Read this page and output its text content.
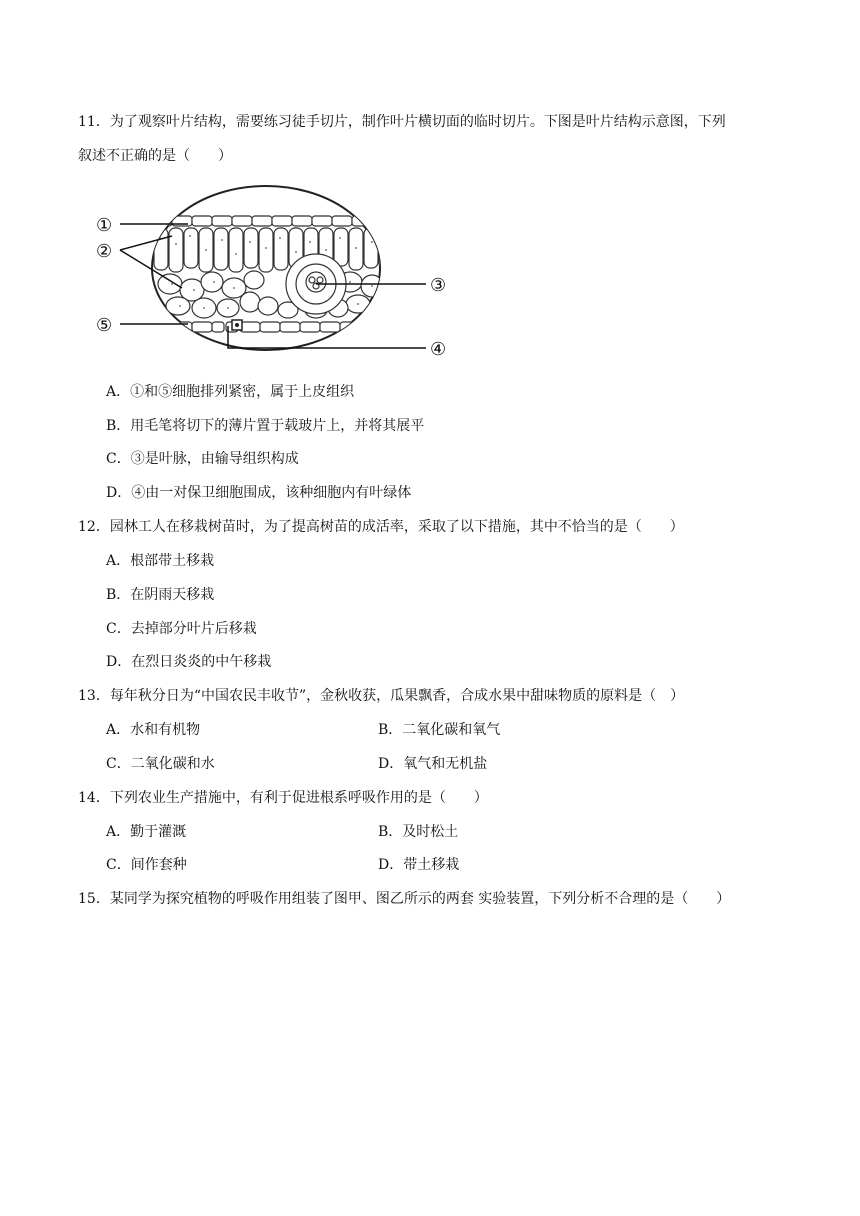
11．为了观察叶片结构，需要练习徒手切片，制作叶片横切面的临时切片。下图是叶片结构示意图，下列
叙述不正确的是（　　）
①
②
③
④
⑤
A．①和⑤细胞排列紧密，属于上皮组织
B．用毛笔将切下的薄片置于载玻片上，并将其展平
C．③是叶脉，由输导组织构成
D．④由一对保卫细胞围成，该种细胞内有叶绿体
12．园林工人在移栽树苗时，为了提高树苗的成活率，采取了以下措施，其中不恰当的是（　　）
A．根部带土移栽
B．在阴雨天移栽
C．去掉部分叶片后移栽
D．在烈日炎炎的中午移栽
13．每年秋分日为“中国农民丰收节”，金秋收获，瓜果飘香，合成水果中甜味物质的原料是（　）
A．水和有机物	B．二氧化碳和氧气
C．二氧化碳和水	D．氧气和无机盐
14．下列农业生产措施中，有利于促进根系呼吸作用的是（　　）
A．勤于灌溉	B．及时松土
C．间作套种	D．带土移栽
15．某同学为探究植物的呼吸作用组装了图甲、图乙所示的两套 实验装置，下列分析不合理的是（　　）
